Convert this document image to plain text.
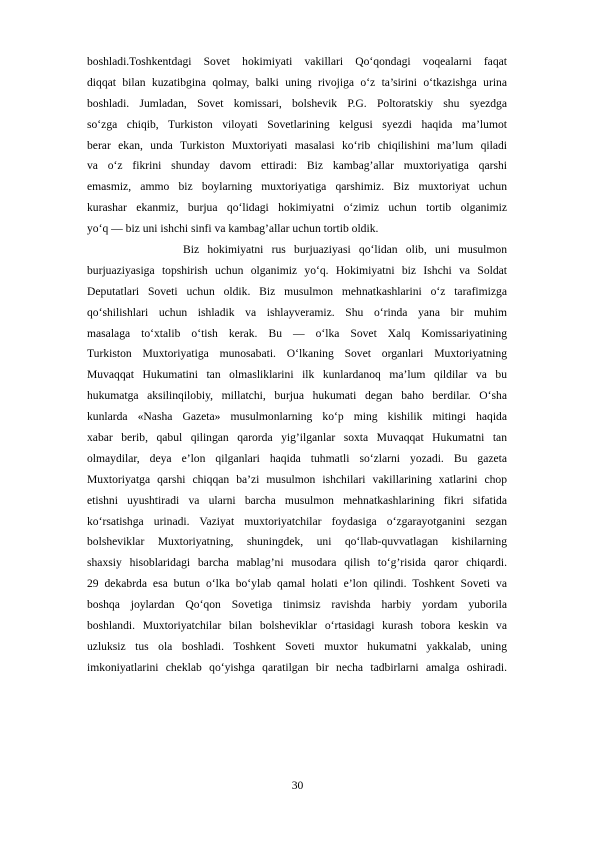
boshladi.Toshkentdagi Sovet hokimiyati vakillari Qo‘qondagi voqealarni faqat
diqqat bilan kuzatibgina qolmay, balki uning rivojiga o‘z ta’sirini o‘tkazishga urina
boshladi. Jumladan, Sovet komissari, bolshevik P.G. Poltoratskiy shu syezdga
so‘zga chiqib, Turkiston viloyati Sovetlarining kelgusi syezdi haqida ma’lumot
berar ekan, unda Turkiston Muxtoriyati masalasi ko‘rib chiqilishini ma’lum qiladi
va o‘z fikrini shunday davom ettiradi: Biz kambag’allar muxtoriyatiga qarshi
emasmiz, ammo biz boylarning muxtoriyatiga qarshimiz. Biz muxtoriyat uchun
kurashar ekanmiz, burjua qo‘lidagi hokimiyatni o‘zimiz uchun tortib olganimiz
yo‘q — biz uni ishchi sinfi va kambag’allar uchun tortib oldik.
Biz hokimiyatni rus burjuaziyasi qo‘lidan olib, uni musulmon
burjuaziyasiga topshirish uchun olganimiz yo‘q. Hokimiyatni biz Ishchi va Soldat
Deputatlari Soveti uchun oldik. Biz musulmon mehnatkashlarini o‘z tarafimizga
qo‘shilishlari uchun ishladik va ishlayveramiz. Shu o‘rinda yana bir muhim
masalaga to‘xtalib o‘tish kerak. Bu — o‘lka Sovet Xalq Komissariyatining
Turkiston Muxtoriyatiga munosabati. O‘lkaning Sovet organlari Muxtoriyatning
Muvaqqat Hukumatini tan olmasliklarini ilk kunlardanoq ma’lum qildilar va bu
hukumatga aksilinqilobiy, millatchi, burjua hukumati degan baho berdilar. O‘sha
kunlarda «Nasha Gazeta» musulmonlarning ko‘p ming kishilik mitingi haqida
xabar berib, qabul qilingan qarorda yig’ilganlar soxta Muvaqqat Hukumatni tan
olmaydilar, deya e’lon qilganlari haqida tuhmatli so‘zlarni yozadi. Bu gazeta
Muxtoriyatga qarshi chiqqan ba’zi musulmon ishchilari vakillarining xatlarini chop
etishni uyushtiradi va ularni barcha musulmon mehnatkashlarining fikri sifatida
ko‘rsatishga urinadi. Vaziyat muxtoriyatchilar foydasiga o‘zgarayotganini sezgan
bolsheviklar Muxtoriyatning, shuningdek, uni qo‘llab-quvvatlagan kishilarning
shaxsiy hisoblaridagi barcha mablag’ni musodara qilish to‘g’risida qaror chiqardi.
29 dekabrda esa butun o‘lka bo‘ylab qamal holati e’lon qilindi. Toshkent Soveti va
boshqa joylardan Qo‘qon Sovetiga tinimsiz ravishda harbiy yordam yuborila
boshlandi. Muxtoriyatchilar bilan bolsheviklar o‘rtasidagi kurash tobora keskin va
uzluksiz tus ola boshladi. Toshkent Soveti muxtor hukumatni yakkalab, uning
imkoniyatlarini cheklab qo‘yishga qaratilgan bir necha tadbirlarni amalga oshiradi.
30
